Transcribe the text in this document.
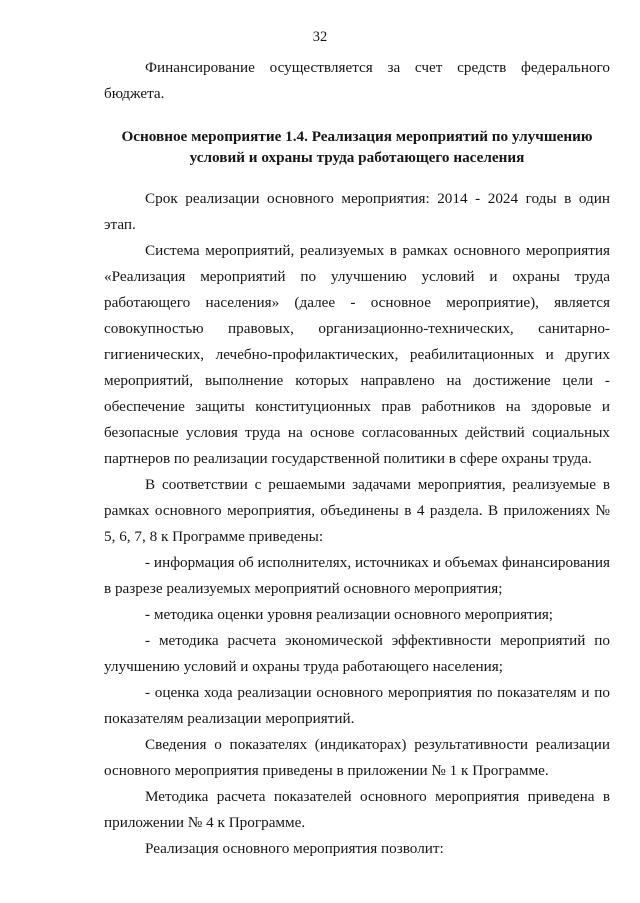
32

Финансирование осуществляется за счет средств федерального бюджета.

Основное мероприятие 1.4. Реализация мероприятий по улучшению
условий и охраны труда работающего населения

Срок реализации основного мероприятия: 2014 - 2024 годы в один этап.

Система мероприятий, реализуемых в рамках основного мероприятия «Реализация мероприятий по улучшению условий и охраны труда работающего населения» (далее - основное мероприятие), является совокупностью правовых, организационно-технических, санитарно-гигиенических, лечебно-профилактических, реабилитационных и других мероприятий, выполнение которых направлено на достижение цели - обеспечение защиты конституционных прав работников на здоровые и безопасные условия труда на основе согласованных действий социальных партнеров по реализации государственной политики в сфере охраны труда.

В соответствии с решаемыми задачами мероприятия, реализуемые в рамках основного мероприятия, объединены в 4 раздела. В приложениях № 5, 6, 7, 8 к Программе приведены:

- информация об исполнителях, источниках и объемах финансирования в разрезе реализуемых мероприятий основного мероприятия;

- методика оценки уровня реализации основного мероприятия;

- методика расчета экономической эффективности мероприятий по улучшению условий и охраны труда работающего населения;

- оценка хода реализации основного мероприятия по показателям и по показателям реализации мероприятий.

Сведения о показателях (индикаторах) результативности реализации основного мероприятия приведены в приложении № 1 к Программе.

Методика расчета показателей основного мероприятия приведена в приложении № 4 к Программе.

Реализация основного мероприятия позволит:
